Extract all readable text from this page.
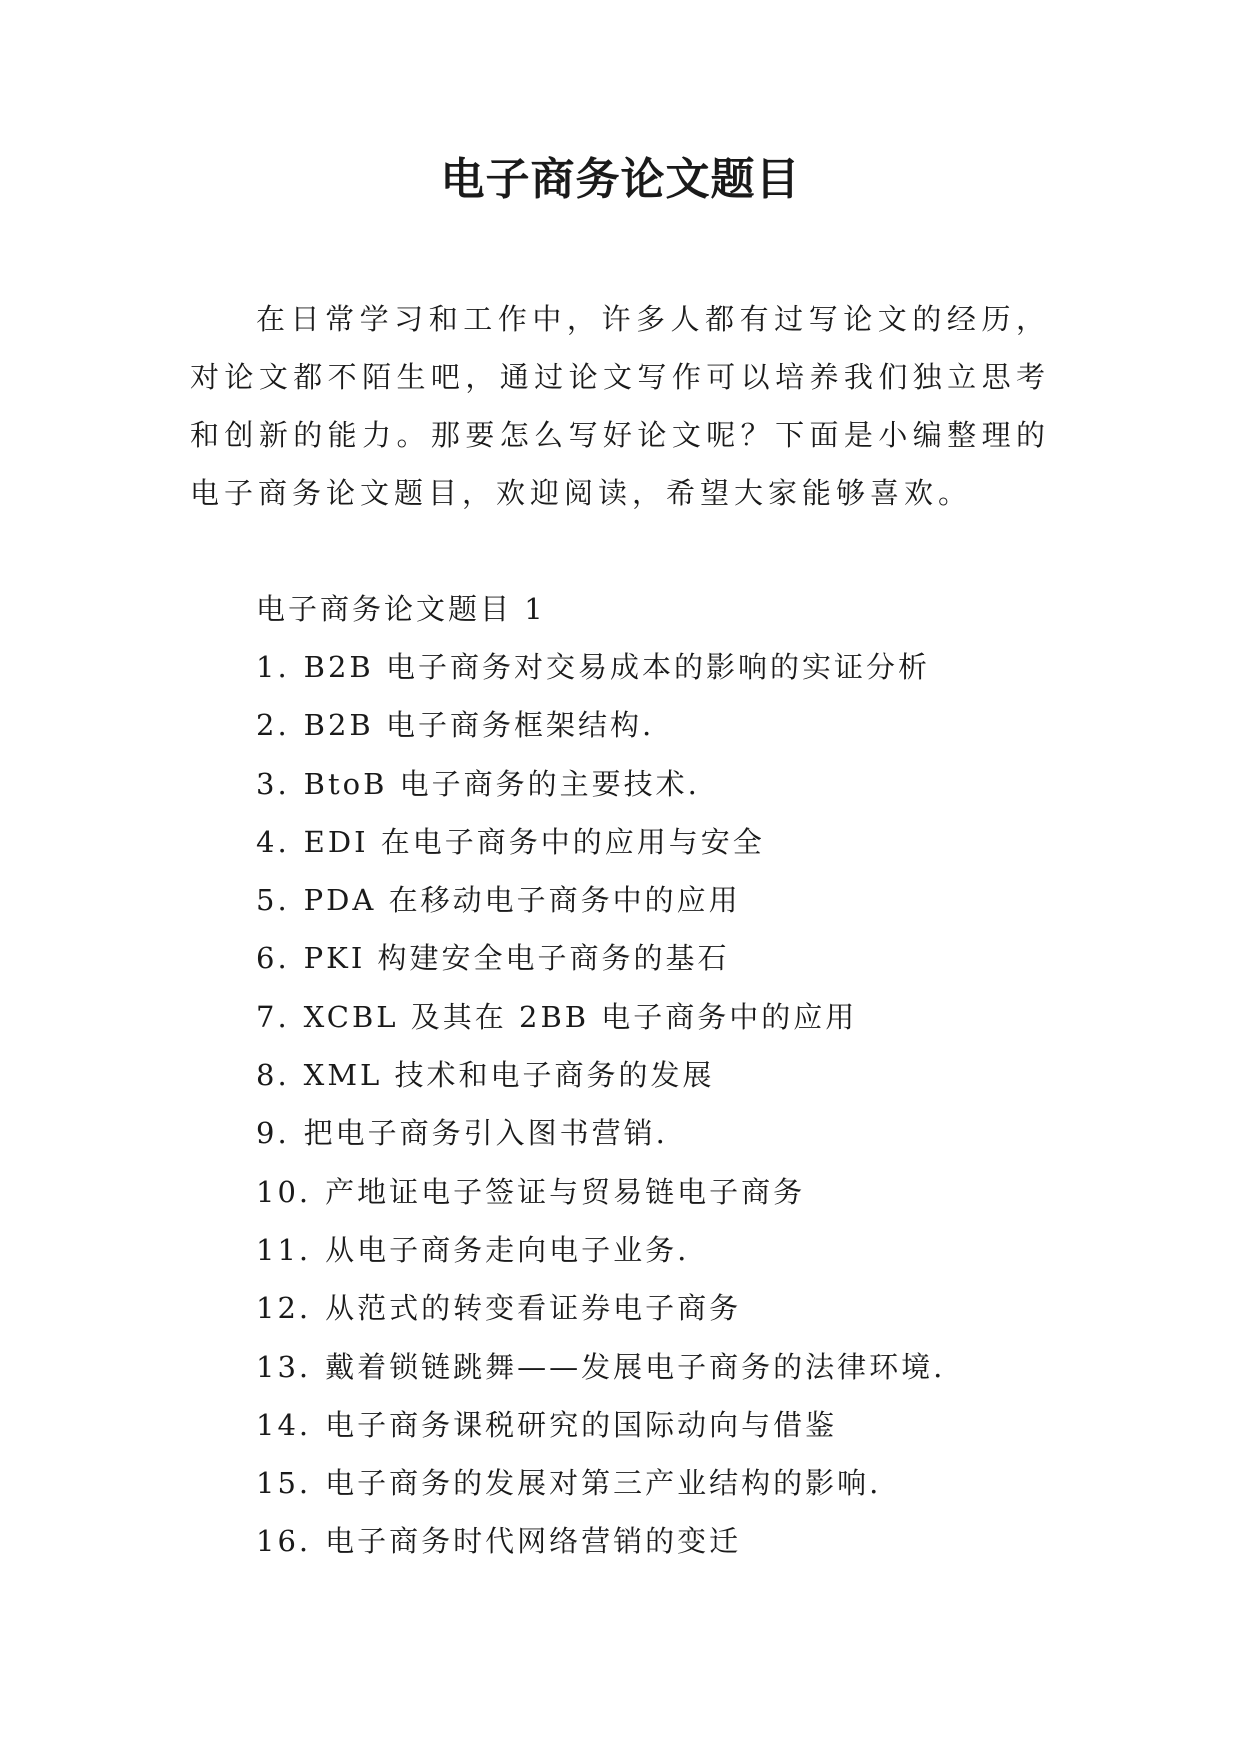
电子商务论文题目

在日常学习和工作中，许多人都有过写论文的经历，对论文都不陌生吧，通过论文写作可以培养我们独立思考和创新的能力。那要怎么写好论文呢？下面是小编整理的电子商务论文题目，欢迎阅读，希望大家能够喜欢。

电子商务论文题目 1
1. B2B 电子商务对交易成本的影响的实证分析
2. B2B 电子商务框架结构.
3. BtoB 电子商务的主要技术.
4. EDI 在电子商务中的应用与安全
5. PDA 在移动电子商务中的应用
6. PKI 构建安全电子商务的基石
7. XCBL 及其在 2BB 电子商务中的应用
8. XML 技术和电子商务的发展
9. 把电子商务引入图书营销.
10. 产地证电子签证与贸易链电子商务
11. 从电子商务走向电子业务.
12. 从范式的转变看证券电子商务
13. 戴着锁链跳舞——发展电子商务的法律环境.
14. 电子商务课税研究的国际动向与借鉴
15. 电子商务的发展对第三产业结构的影响.
16. 电子商务时代网络营销的变迁
